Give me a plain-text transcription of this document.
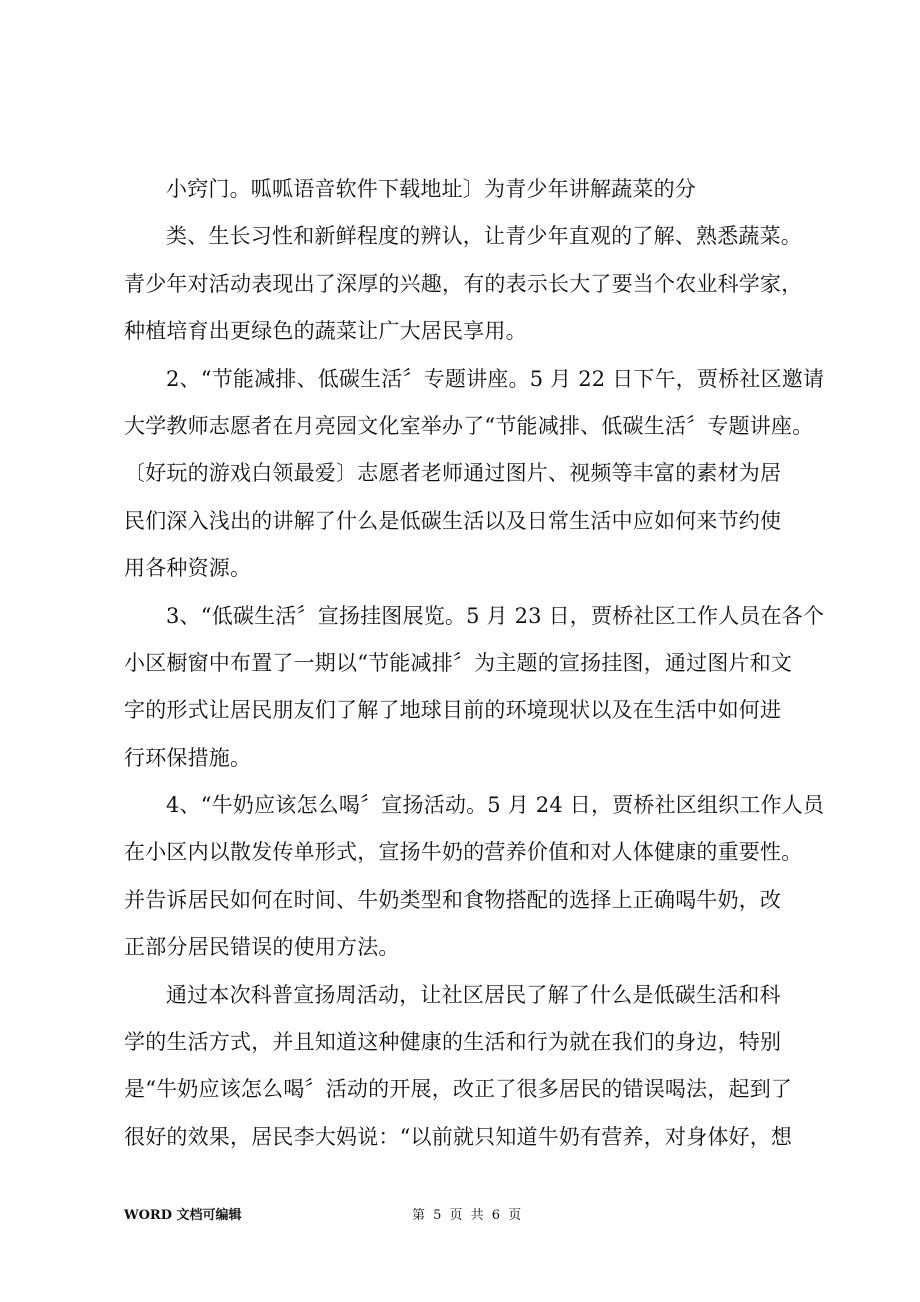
小窍门。呱呱语音软件下载地址〕为青少年讲解蔬菜的分
类、生长习性和新鲜程度的辨认，让青少年直观的了解、熟悉蔬菜。
青少年对活动表现出了深厚的兴趣，有的表示长大了要当个农业科学家，
种植培育出更绿色的蔬菜让广大居民享用。
2、“节能减排、低碳生活〞专题讲座。5 月 22 日下午，贾桥社区邀请
大学教师志愿者在月亮园文化室举办了“节能减排、低碳生活〞专题讲座。
〔好玩的游戏白领最爱〕志愿者老师通过图片、视频等丰富的素材为居
民们深入浅出的讲解了什么是低碳生活以及日常生活中应如何来节约使
用各种资源。
3、“低碳生活〞宣扬挂图展览。5 月 23 日，贾桥社区工作人员在各个
小区橱窗中布置了一期以“节能减排〞为主题的宣扬挂图，通过图片和文
字的形式让居民朋友们了解了地球目前的环境现状以及在生活中如何进
行环保措施。
4、“牛奶应该怎么喝〞宣扬活动。5 月 24 日，贾桥社区组织工作人员
在小区内以散发传单形式，宣扬牛奶的营养价值和对人体健康的重要性。
并告诉居民如何在时间、牛奶类型和食物搭配的选择上正确喝牛奶，改
正部分居民错误的使用方法。
通过本次科普宣扬周活动，让社区居民了解了什么是低碳生活和科
学的生活方式，并且知道这种健康的生活和行为就在我们的身边，特别
是“牛奶应该怎么喝〞活动的开展，改正了很多居民的错误喝法，起到了
很好的效果，居民李大妈说：“以前就只知道牛奶有营养，对身体好，想
WORD 文档可编辑	第 5 页 共 6 页
